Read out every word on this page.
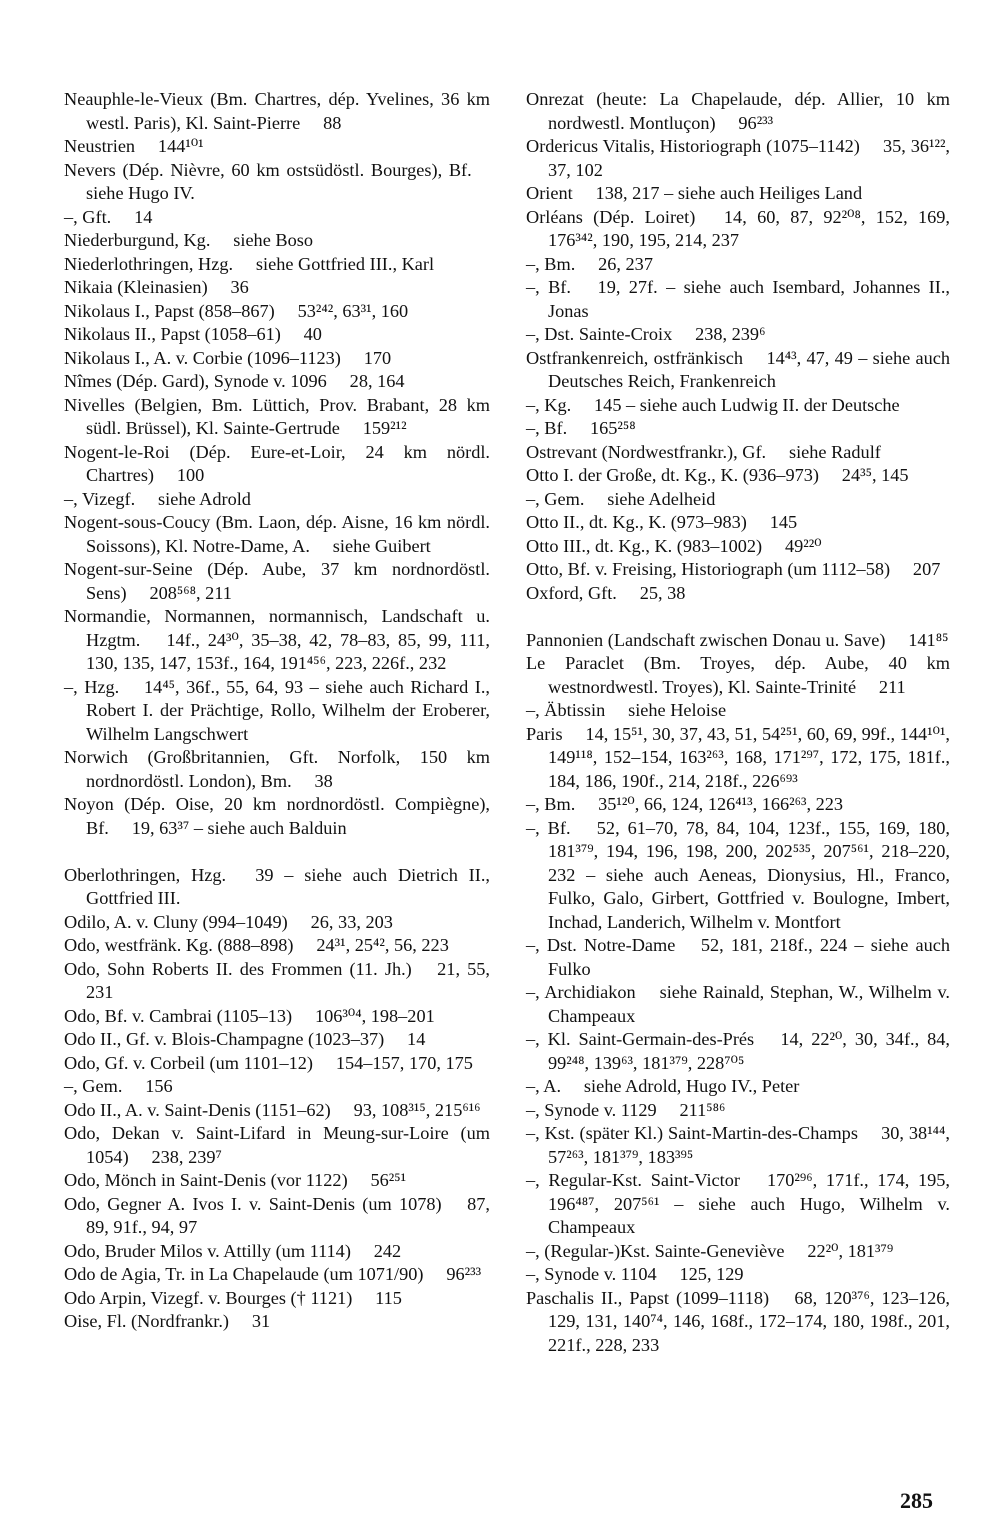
Neauphle-le-Vieux (Bm. Chartres, dép. Yvelines, 36 km westl. Paris), Kl. Saint-Pierre  88
Neustrien  144¹⁰¹
Nevers (Dép. Nièvre, 60 km ostsüdöstl. Bourges), Bf.  siehe Hugo IV.
–, Gft.  14
Niederburgund, Kg.  siehe Boso
Niederlothringen, Hzg.  siehe Gottfried III., Karl
Nikaia (Kleinasien)  36
Nikolaus I., Papst (858–867)  53²⁴², 63³¹, 160
Nikolaus II., Papst (1058–61)  40
Nikolaus I., A. v. Corbie (1096–1123)  170
Nîmes (Dép. Gard), Synode v. 1096  28, 164
Nivelles (Belgien, Bm. Lüttich, Prov. Brabant, 28 km südl. Brüssel), Kl. Sainte-Gertrude  159²¹²
Nogent-le-Roi (Dép. Eure-et-Loir, 24 km nördl. Chartres)  100
–, Vizegf.  siehe Adrold
Nogent-sous-Coucy (Bm. Laon, dép. Aisne, 16 km nördl. Soissons), Kl. Notre-Dame, A.  siehe Guibert
Nogent-sur-Seine (Dép. Aube, 37 km nordnordöstl. Sens)  208⁵⁶⁸, 211
Normandie, Normannen, normannisch, Landschaft u. Hzgtm.  14f., 24³⁰, 35–38, 42, 78–83, 85, 99, 111, 130, 135, 147, 153f., 164, 191⁴⁵⁶, 223, 226f., 232
–, Hzg.  14⁴⁵, 36f., 55, 64, 93 – siehe auch Richard I., Robert I. der Prächtige, Rollo, Wilhelm der Eroberer, Wilhelm Langschwert
Norwich (Großbritannien, Gft. Norfolk, 150 km nordnordöstl. London), Bm.  38
Noyon (Dép. Oise, 20 km nordnordöstl. Compiègne), Bf.  19, 63³⁷ – siehe auch Balduin
Oberlothringen, Hzg.  39 – siehe auch Dietrich II., Gottfried III.
Odilo, A. v. Cluny (994–1049)  26, 33, 203
Odo, westfränk. Kg. (888–898)  24³¹, 25⁴², 56, 223
Odo, Sohn Roberts II. des Frommen (11. Jh.)  21, 55, 231
Odo, Bf. v. Cambrai (1105–13)  106³⁰⁴, 198–201
Odo II., Gf. v. Blois-Champagne (1023–37)  14
Odo, Gf. v. Corbeil (um 1101–12)  154–157, 170, 175
–, Gem.  156
Odo II., A. v. Saint-Denis (1151–62)  93, 108³¹⁵, 215⁶¹⁶
Odo, Dekan v. Saint-Lifard in Meung-sur-Loire (um 1054)  238, 239⁷
Odo, Mönch in Saint-Denis (vor 1122)  56²⁵¹
Odo, Gegner A. Ivos I. v. Saint-Denis (um 1078)  87, 89, 91f., 94, 97
Odo, Bruder Milos v. Attilly (um 1114)  242
Odo de Agia, Tr. in La Chapelaude (um 1071/90)  96²³³
Odo Arpin, Vizegf. v. Bourges († 1121)  115
Oise, Fl. (Nordfrankr.)  31
Onrezat (heute: La Chapelaude, dép. Allier, 10 km nordwestl. Montluçon)  96²³³
Ordericus Vitalis, Historiograph (1075–1142)  35, 36¹²², 37, 102
Orient  138, 217 – siehe auch Heiliges Land
Orléans (Dép. Loiret)  14, 60, 87, 92²⁰⁸, 152, 169, 176³⁴², 190, 195, 214, 237
–, Bm.  26, 237
–, Bf.  19, 27f. – siehe auch Isembard, Johannes II., Jonas
–, Dst. Sainte-Croix  238, 239⁶
Ostfrankenreich, ostfränkisch  14⁴³, 47, 49 – siehe auch Deutsches Reich, Frankenreich
–, Kg.  145 – siehe auch Ludwig II. der Deutsche
–, Bf.  165²⁵⁸
Ostrevant (Nordwestfrankr.), Gf.  siehe Radulf
Otto I. der Große, dt. Kg., K. (936–973)  24³⁵, 145
–, Gem.  siehe Adelheid
Otto II., dt. Kg., K. (973–983)  145
Otto III., dt. Kg., K. (983–1002)  49²²⁰
Otto, Bf. v. Freising, Historiograph (um 1112–58)  207
Oxford, Gft.  25, 38
Pannonien (Landschaft zwischen Donau u. Save)  141⁸⁵
Le Paraclet (Bm. Troyes, dép. Aube, 40 km westnordwestl. Troyes), Kl. Sainte-Trinité  211
–, Äbtissin  siehe Heloise
Paris  14, 15⁵¹, 30, 37, 43, 51, 54²⁵¹, 60, 69, 99f., 144¹⁰¹, 149¹¹⁸, 152–154, 163²⁶³, 168, 171²⁹⁷, 172, 175, 181f., 184, 186, 190f., 214, 218f., 226⁶⁹³
–, Bm.  35¹²⁰, 66, 124, 126⁴¹³, 166²⁶³, 223
–, Bf.  52, 61–70, 78, 84, 104, 123f., 155, 169, 180, 181³⁷⁹, 194, 196, 198, 200, 202⁵³⁵, 207⁵⁶¹, 218–220, 232 – siehe auch Aeneas, Dionysius, Hl., Franco, Fulko, Galo, Girbert, Gottfried v. Boulogne, Imbert, Inchad, Landerich, Wilhelm v. Montfort
–, Dst. Notre-Dame  52, 181, 218f., 224 – siehe auch Fulko
–, Archidiakon  siehe Rainald, Stephan, W., Wilhelm v. Champeaux
–, Kl. Saint-Germain-des-Prés  14, 22²⁰, 30, 34f., 84, 99²⁴⁸, 139⁶³, 181³⁷⁹, 228⁷⁰⁵
–, A.  siehe Adrold, Hugo IV., Peter
–, Synode v. 1129  211⁵⁸⁶
–, Kst. (später Kl.) Saint-Martin-des-Champs  30, 38¹⁴⁴, 57²⁶³, 181³⁷⁹, 183³⁹⁵
–, Regular-Kst. Saint-Victor  170²⁹⁶, 171f., 174, 195, 196⁴⁸⁷, 207⁵⁶¹ – siehe auch Hugo, Wilhelm v. Champeaux
–, (Regular-)Kst. Sainte-Geneviève  22²⁰, 181³⁷⁹
–, Synode v. 1104  125, 129
Paschalis II., Papst (1099–1118)  68, 120³⁷⁶, 123–126, 129, 131, 140⁷⁴, 146, 168f., 172–174, 180, 198f., 201, 221f., 228, 233
285
